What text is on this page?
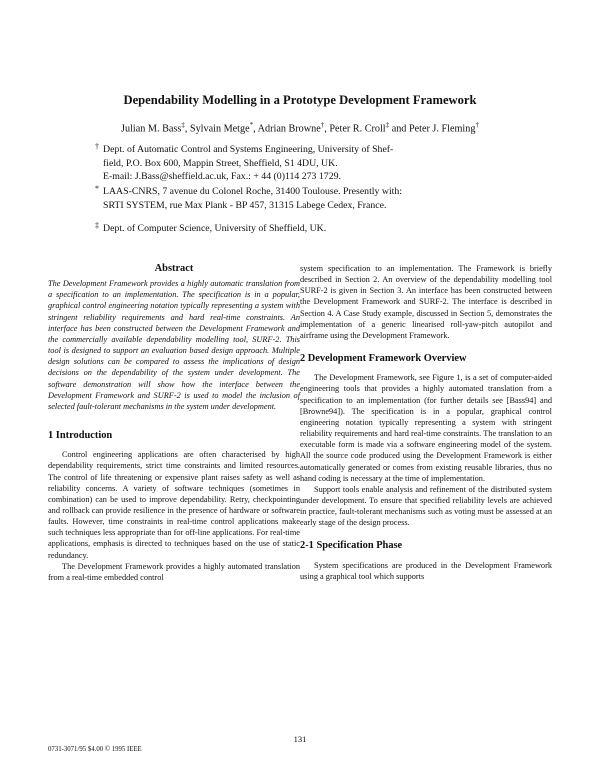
Dependability Modelling in a Prototype Development Framework
Julian M. Bass‡, Sylvain Metge*, Adrian Browne†, Peter R. Croll‡ and Peter J. Fleming†
† Dept. of Automatic Control and Systems Engineering, University of Shef-
field, P.O. Box 600, Mappin Street, Sheffield, S1 4DU, UK.
E-mail: J.Bass@sheffield.ac.uk, Fax.: + 44 (0)114 273 1729.
* LAAS-CNRS, 7 avenue du Colonel Roche, 31400 Toulouse. Presently with:
SRTI SYSTEM, rue Max Plank - BP 457, 31315 Labege Cedex, France.
‡ Dept. of Computer Science, University of Sheffield, UK.
Abstract

The Development Framework provides a highly automatic translation from a specification to an implementation. The specification is in a popular, graphical control engineering notation typically representing a system with stringent reliability requirements and hard real-time constraints. An interface has been constructed between the Development Framework and the commercially available dependability modelling tool, SURF-2. This tool is designed to support an evaluation based design approach. Multiple design solutions can be compared to assess the implications of design decisions on the dependability of the system under development. The software demonstration will show how the interface between the Development Framework and SURF-2 is used to model the inclusion of selected fault-tolerant mechanisms in the system under development.

1 Introduction

Control engineering applications are often characterised by high dependability requirements, strict time constraints and limited resources. The control of life threatening or expensive plant raises safety as well as reliability concerns. A variety of software techniques (sometimes in combination) can be used to improve dependability. Retry, checkpointing and rollback can provide resilience in the presence of hardware or software faults. However, time constraints in real-time control applications make such techniques less appropriate than for off-line applications. For real-time applications, emphasis is directed to techniques based on the use of static redundancy.

The Development Framework provides a highly automated translation from a real-time embedded control

system specification to an implementation. The Framework is briefly described in Section 2. An overview of the dependability modelling tool SURF-2 is given in Section 3. An interface has been constructed between the Development Framework and SURF-2. The interface is described in Section 4. A Case Study example, discussed in Section 5, demonstrates the implementation of a generic linearised roll-yaw-pitch autopilot and airframe using the Development Framework.

2 Development Framework Overview

The Development Framework, see Figure 1, is a set of computer-aided engineering tools that provides a highly automated translation from a specification to an implementation (for further details see [Bass94] and [Browne94]). The specification is in a popular, graphical control engineering notation typically representing a system with stringent reliability requirements and hard real-time constraints. The translation to an executable form is made via a software engineering model of the system. All the source code produced using the Development Framework is either automatically generated or comes from existing reusable libraries, thus no hand coding is necessary at the time of implementation.

Support tools enable analysis and refinement of the distributed system under development. To ensure that specified reliability levels are achieved in practice, fault-tolerant mechanisms such as voting must be assessed at an early stage of the design process.

2-1 Specification Phase

System specifications are produced in the Development Framework using a graphical tool which supports

131
0731-3071/95 $4.00 © 1995 IEEE
